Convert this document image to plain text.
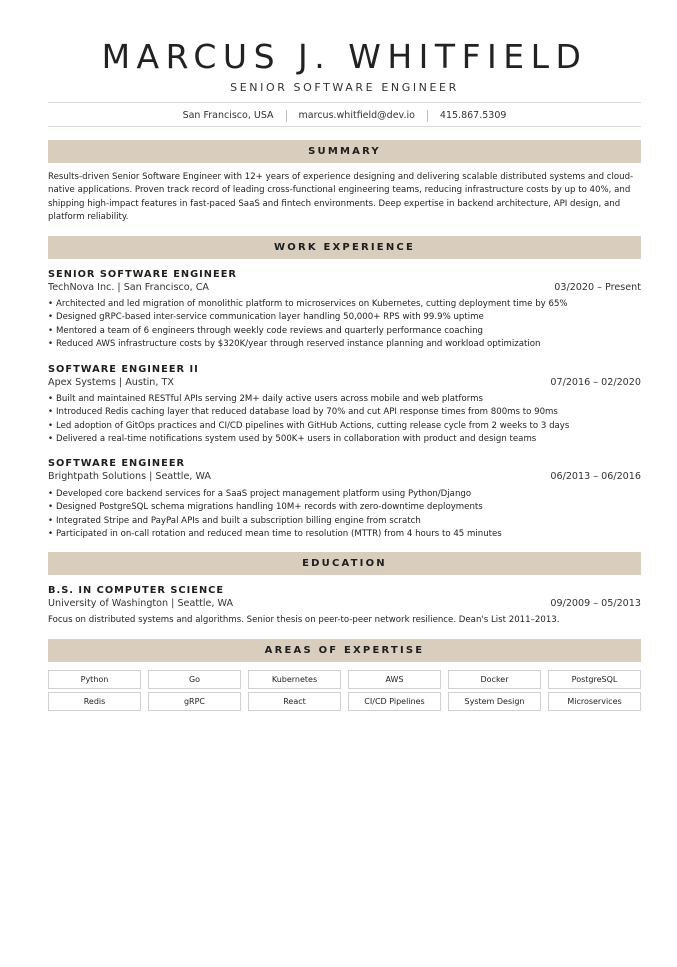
MARCUS J. WHITFIELD
SENIOR SOFTWARE ENGINEER
San Francisco, USA	marcus.whitfield@dev.io	415.867.5309
SUMMARY

Results-driven Senior Software Engineer with 12+ years of experience designing and delivering scalable distributed systems and cloud-native applications. Proven track record of leading cross-functional engineering teams, reducing infrastructure costs by up to 40%, and shipping high-impact features in fast-paced SaaS and fintech environments. Deep expertise in backend architecture, API design, and platform reliability.

WORK EXPERIENCE
SENIOR SOFTWARE ENGINEER
TechNova Inc. | San Francisco, CA	03/2020 – Present
• Architected and led migration of monolithic platform to microservices on Kubernetes, cutting deployment time by 65%
• Designed gRPC-based inter-service communication layer handling 50,000+ RPS with 99.9% uptime
• Mentored a team of 6 engineers through weekly code reviews and quarterly performance coaching
• Reduced AWS infrastructure costs by $320K/year through reserved instance planning and workload optimization
SOFTWARE ENGINEER II
Apex Systems | Austin, TX	07/2016 – 02/2020
• Built and maintained RESTful APIs serving 2M+ daily active users across mobile and web platforms
• Introduced Redis caching layer that reduced database load by 70% and cut API response times from 800ms to 90ms
• Led adoption of GitOps practices and CI/CD pipelines with GitHub Actions, cutting release cycle from 2 weeks to 3 days
• Delivered a real-time notifications system used by 500K+ users in collaboration with product and design teams
SOFTWARE ENGINEER
Brightpath Solutions | Seattle, WA	06/2013 – 06/2016
• Developed core backend services for a SaaS project management platform using Python/Django
• Designed PostgreSQL schema migrations handling 10M+ records with zero-downtime deployments
• Integrated Stripe and PayPal APIs and built a subscription billing engine from scratch
• Participated in on-call rotation and reduced mean time to resolution (MTTR) from 4 hours to 45 minutes
EDUCATION
B.S. IN COMPUTER SCIENCE
University of Washington | Seattle, WA	09/2009 – 05/2013

Focus on distributed systems and algorithms. Senior thesis on peer-to-peer network resilience. Dean's List 2011–2013.

AREAS OF EXPERTISE
Python	Go	Kubernetes	AWS	Docker	PostgreSQL
Redis	gRPC	React	CI/CD Pipelines	System Design	Microservices
